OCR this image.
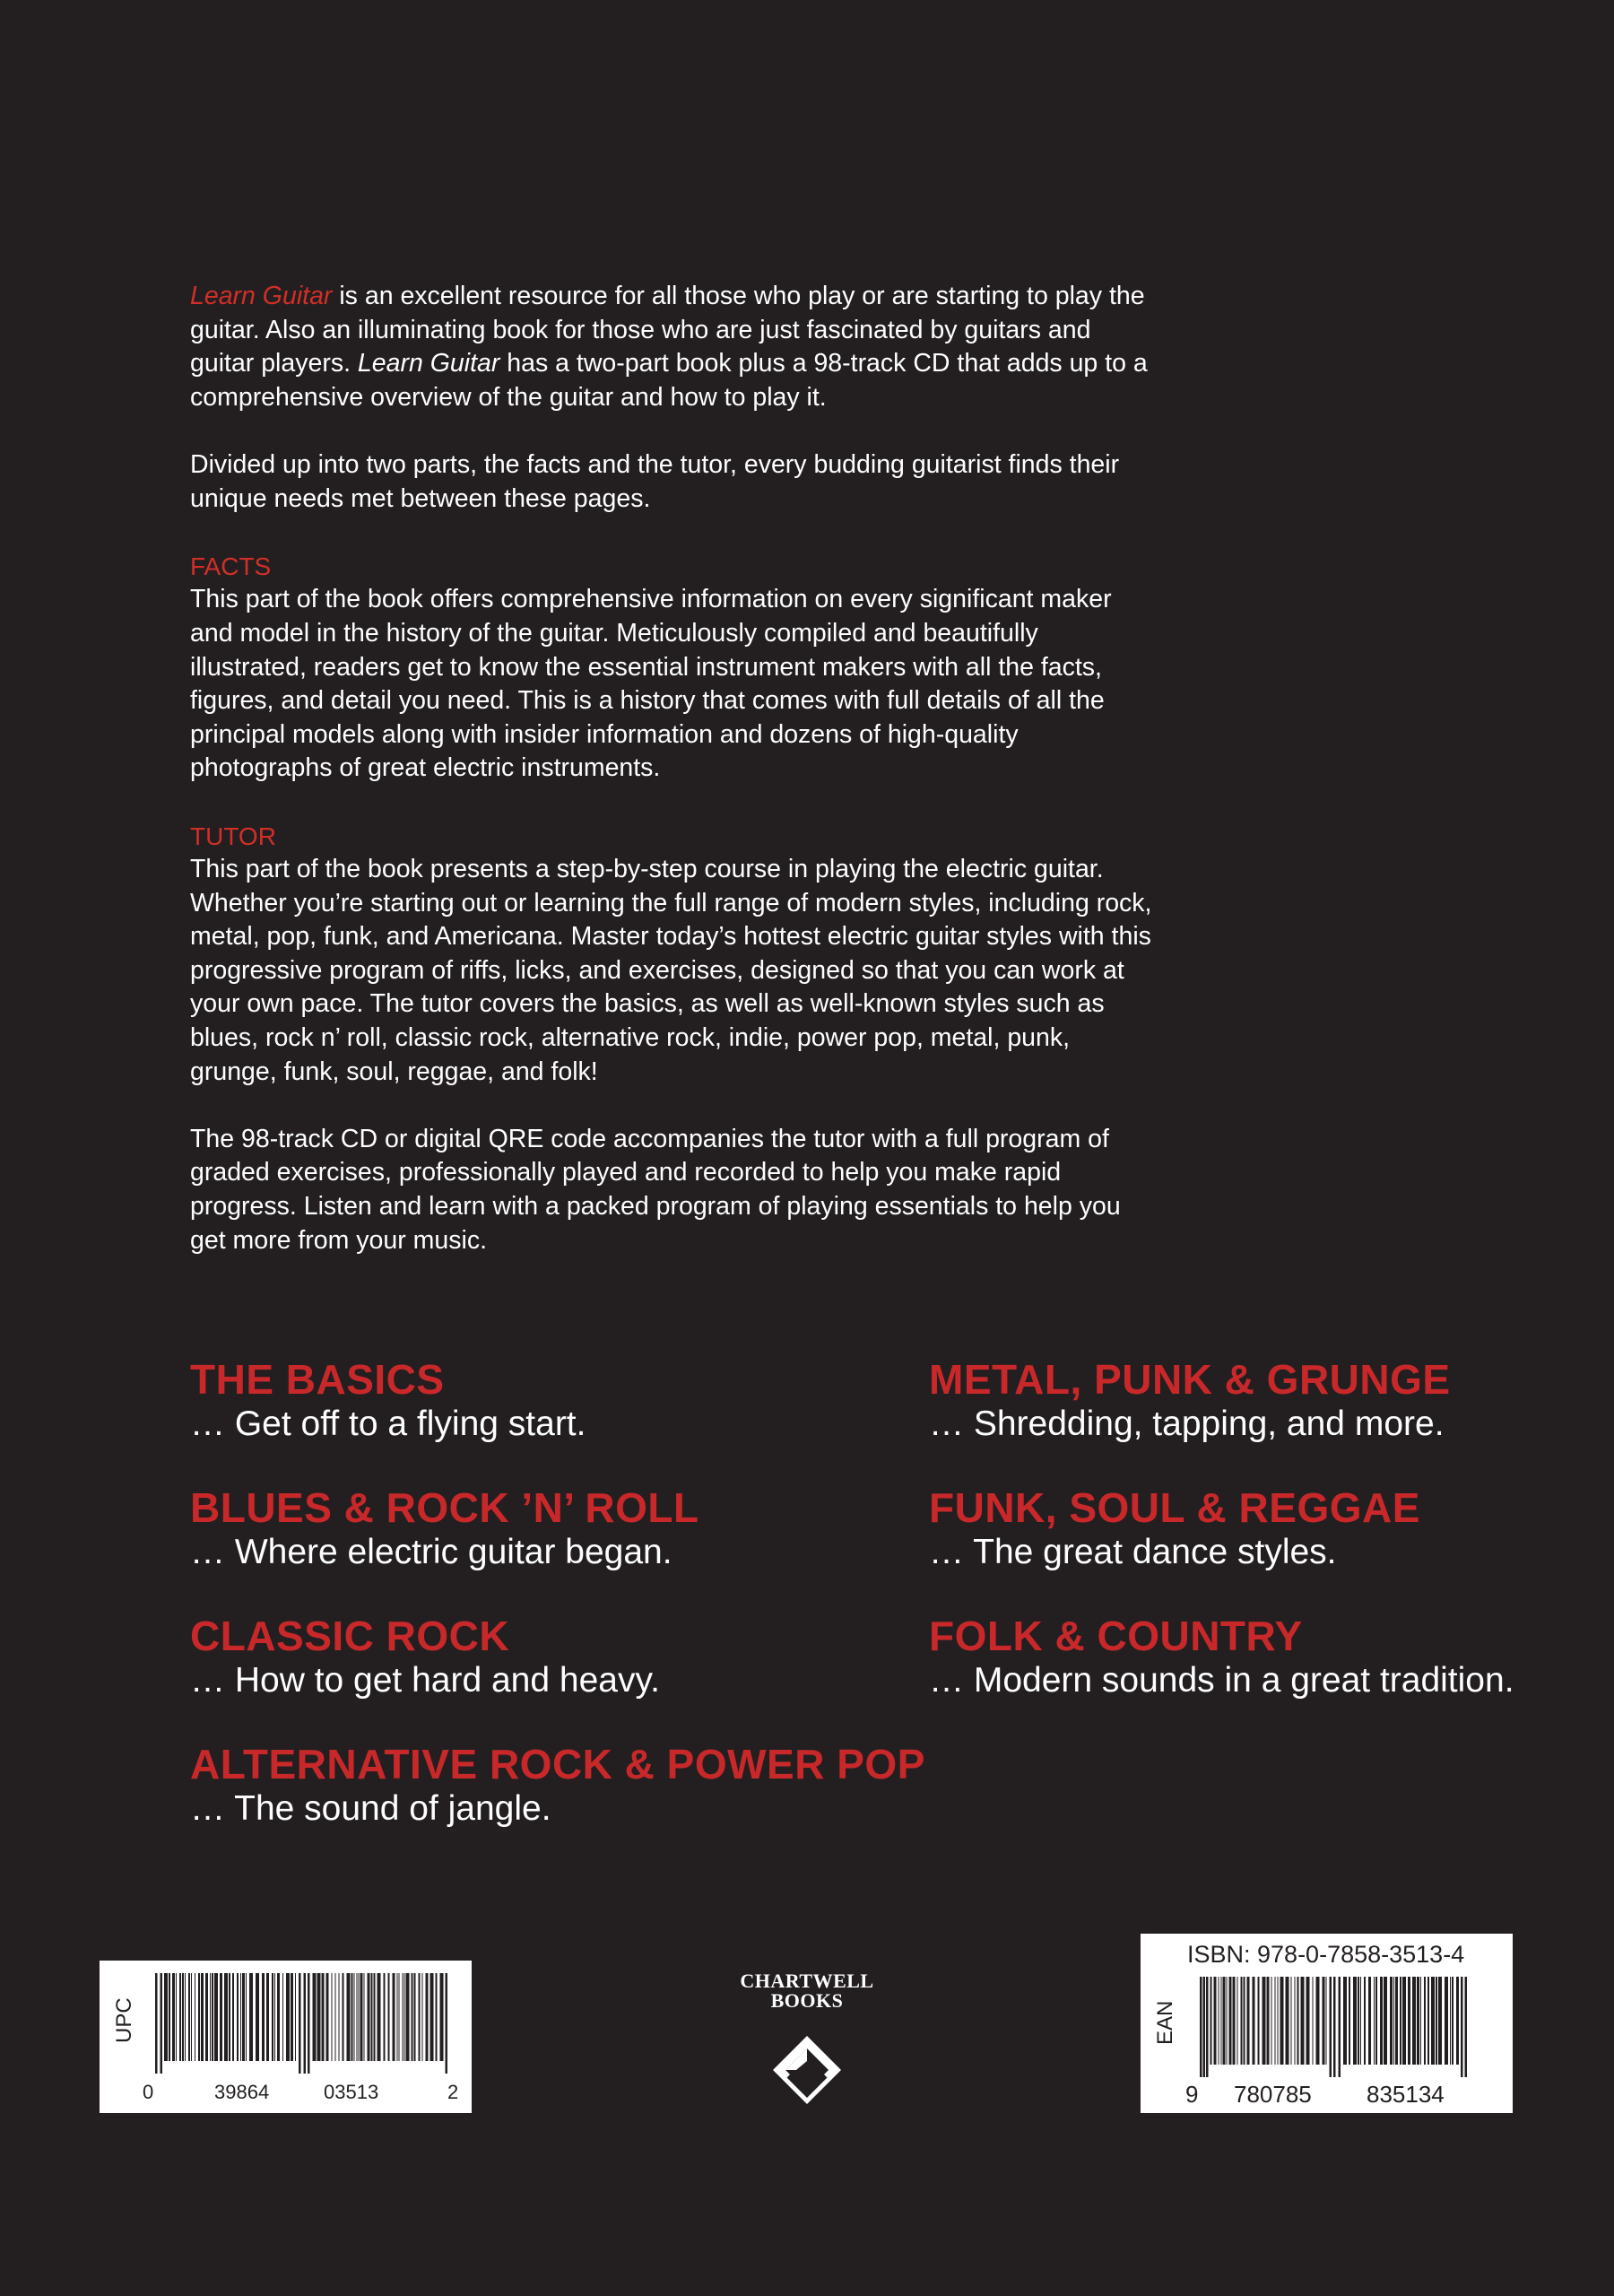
Learn Guitar is an excellent resource for all those who play or are starting to play the guitar. Also an illuminating book for those who are just fascinated by guitars and guitar players. Learn Guitar has a two-part book plus a 98-track CD that adds up to a comprehensive overview of the guitar and how to play it.

Divided up into two parts, the facts and the tutor, every budding guitarist finds their unique needs met between these pages.

FACTS
This part of the book offers comprehensive information on every significant maker and model in the history of the guitar. Meticulously compiled and beautifully illustrated, readers get to know the essential instrument makers with all the facts, figures, and detail you need. This is a history that comes with full details of all the principal models along with insider information and dozens of high-quality photographs of great electric instruments.

TUTOR
This part of the book presents a step-by-step course in playing the electric guitar. Whether you’re starting out or learning the full range of modern styles, including rock, metal, pop, funk, and Americana. Master today’s hottest electric guitar styles with this progressive program of riffs, licks, and exercises, designed so that you can work at your own pace. The tutor covers the basics, as well as well-known styles such as blues, rock n’ roll, classic rock, alternative rock, indie, power pop, metal, punk, grunge, funk, soul, reggae, and folk!

The 98-track CD or digital QRE code accompanies the tutor with a full program of graded exercises, professionally played and recorded to help you make rapid progress. Listen and learn with a packed program of playing essentials to help you get more from your music.

THE BASICS
… Get off to a flying start.
BLUES & ROCK ’N’ ROLL
… Where electric guitar began.
CLASSIC ROCK
… How to get hard and heavy.
ALTERNATIVE ROCK & POWER POP
… The sound of jangle.
METAL, PUNK & GRUNGE
… Shredding, tapping, and more.
FUNK, SOUL & REGGAE
… The great dance styles.
FOLK & COUNTRY
… Modern sounds in a great tradition.
UPC
0	39864	03513	2
CHARTWELL
BOOKS
ISBN: 978-0-7858-3513-4
EAN
9 780785 835134
